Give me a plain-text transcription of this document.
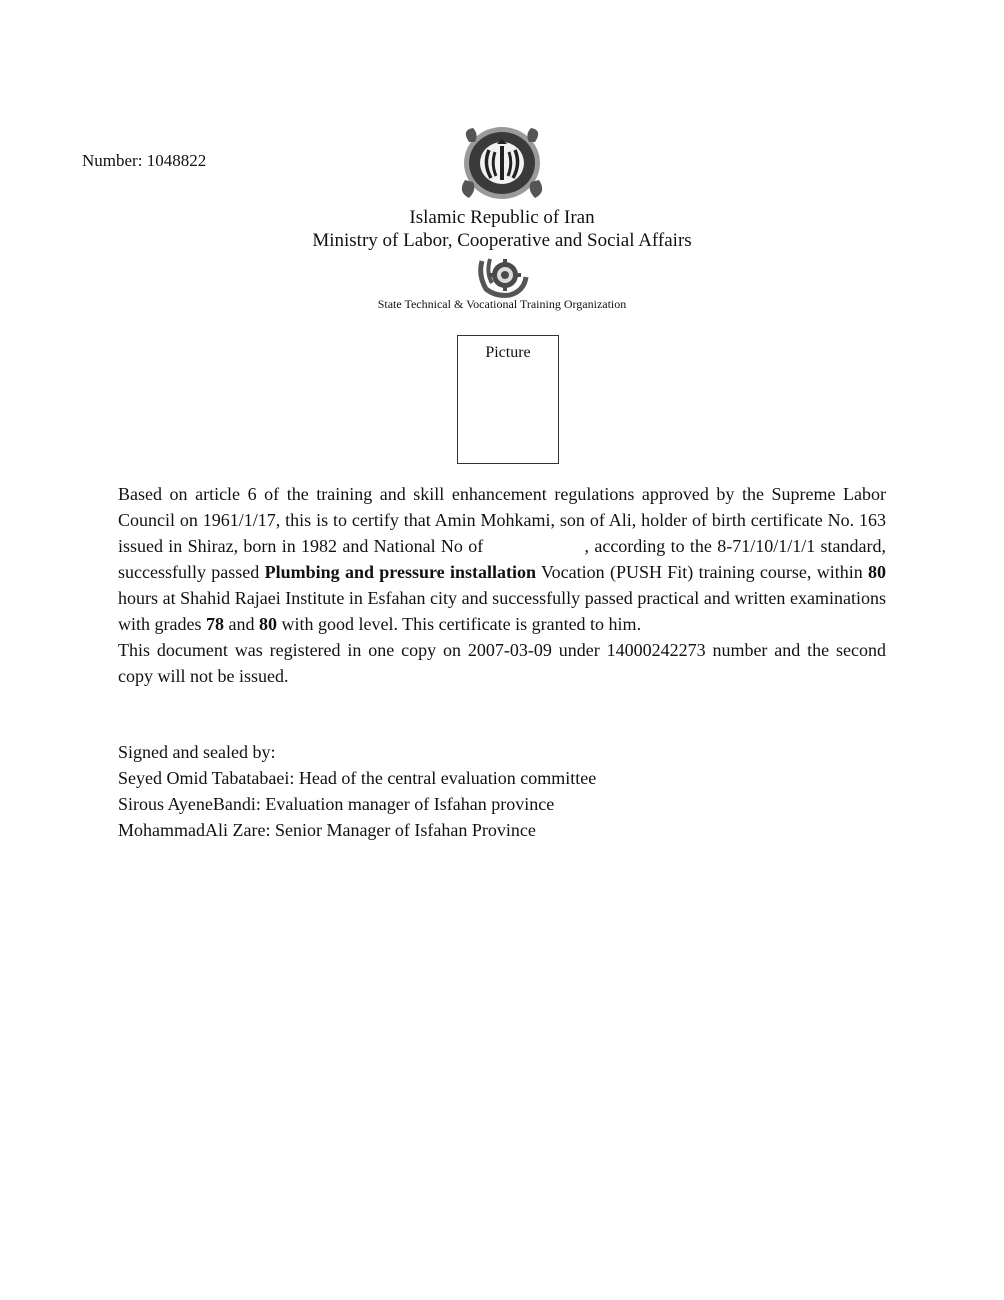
Number: 1048822
Islamic Republic of Iran
Ministry of Labor, Cooperative and Social Affairs
State Technical & Vocational Training Organization
Picture

Based on article 6 of the training and skill enhancement regulations approved by the Supreme Labor Council on 1961/1/17, this is to certify that Amin Mohkami, son of Ali, holder of birth certificate No. 163 issued in Shiraz, born in 1982 and National No of	, according to the 8-71/10/1/1/1 standard, successfully passed Plumbing and pressure installation Vocation (PUSH Fit) training course, within 80 hours at Shahid Rajaei Institute in Esfahan city and successfully passed practical and written examinations with grades 78 and 80 with good level. This certificate is granted to him.

This document was registered in one copy on 2007-03-09 under 14000242273 number and the second copy will not be issued.

Signed and sealed by:
Seyed Omid Tabatabaei: Head of the central evaluation committee
Sirous AyeneBandi: Evaluation manager of Isfahan province
MohammadAli Zare: Senior Manager of Isfahan Province
